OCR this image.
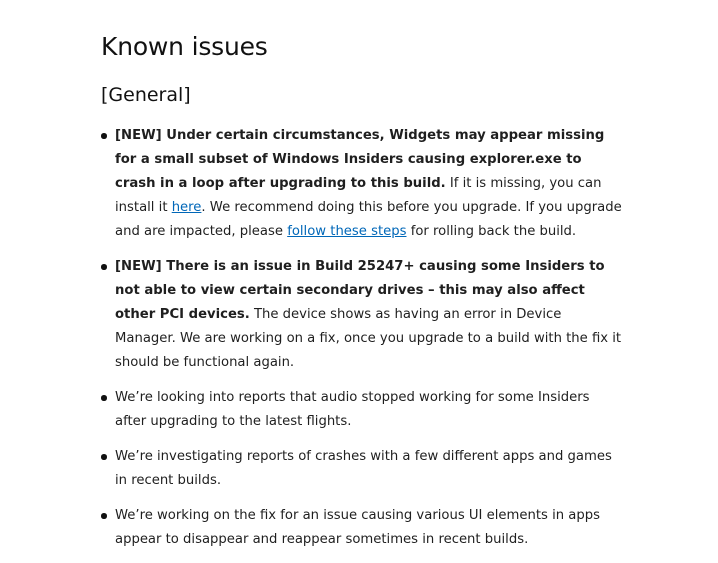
Known issues
[General]
[NEW] Under certain circumstances, Widgets may appear missing for a small subset of Windows Insiders causing explorer.exe to crash in a loop after upgrading to this build. If it is missing, you can install it here. We recommend doing this before you upgrade. If you upgrade and are impacted, please follow these steps for rolling back the build.
[NEW] There is an issue in Build 25247+ causing some Insiders to not able to view certain secondary drives – this may also affect other PCI devices. The device shows as having an error in Device Manager. We are working on a fix, once you upgrade to a build with the fix it should be functional again.
We’re looking into reports that audio stopped working for some Insiders after upgrading to the latest flights.
We’re investigating reports of crashes with a few different apps and games in recent builds.
We’re working on the fix for an issue causing various UI elements in apps appear to disappear and reappear sometimes in recent builds.
